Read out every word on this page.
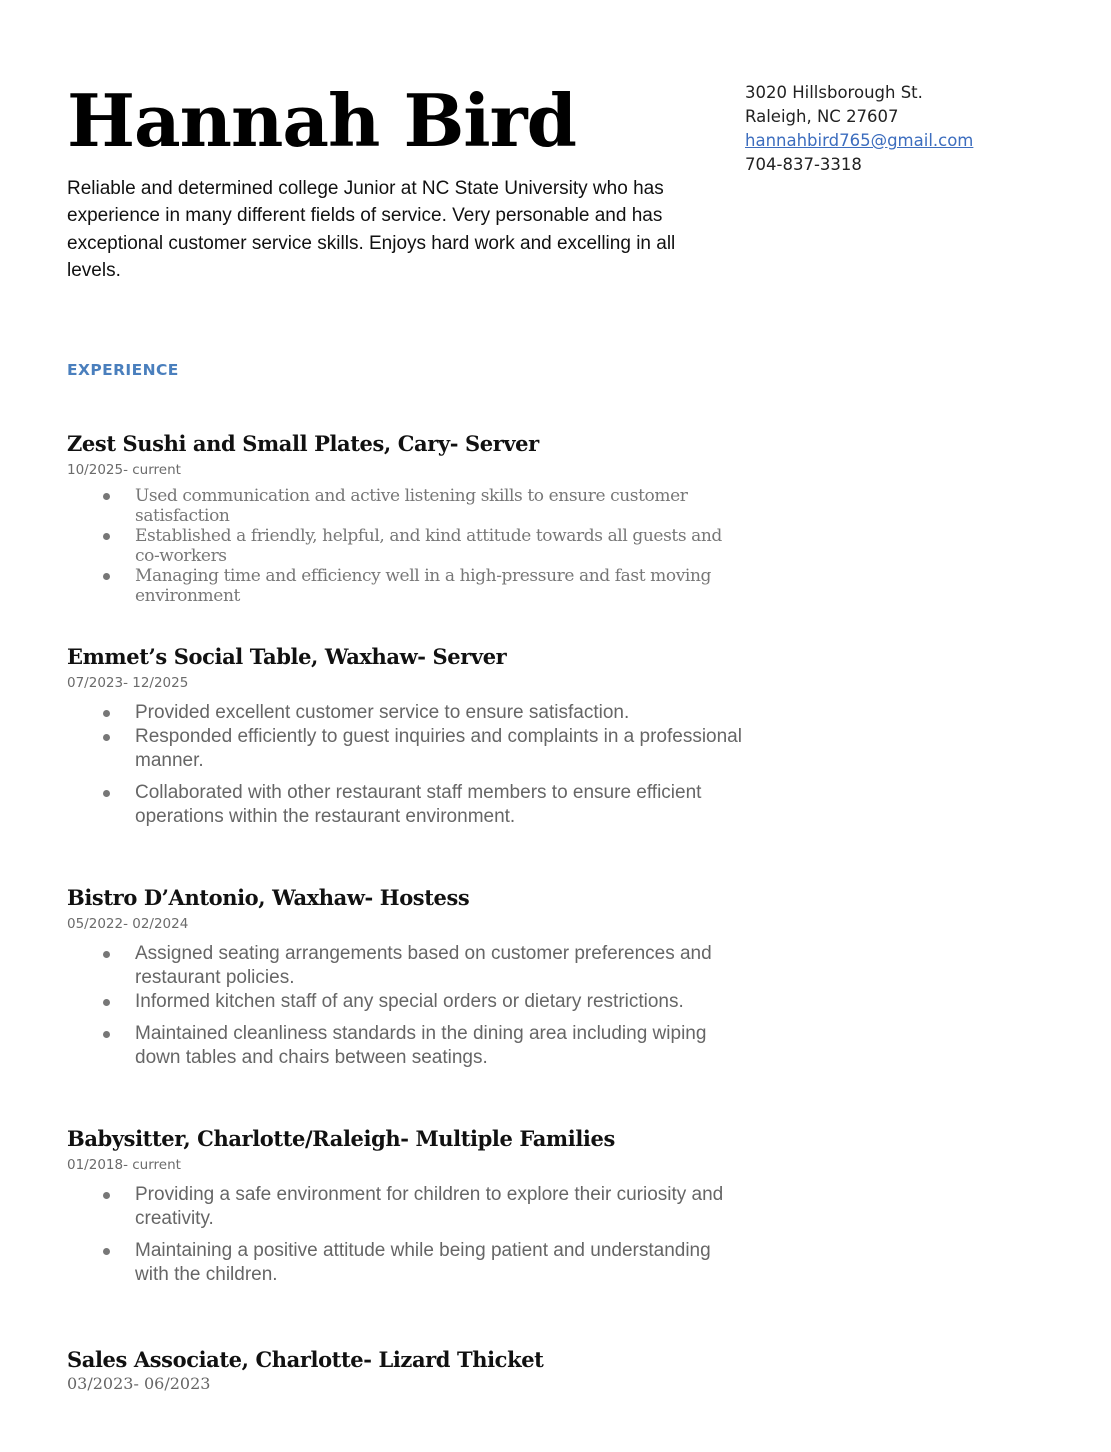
Hannah Bird	3020 Hillsborough St.
Raleigh, NC 27607
hannahbird765@gmail.com
704-837-3318

Reliable and determined college Junior at NC State University who has experience in many different fields of service. Very personable and has exceptional customer service skills. Enjoys hard work and excelling in all levels.

EXPERIENCE
Zest Sushi and Small Plates, Cary- Server
10/2025- current
Used communication and active listening skills to ensure customer satisfaction
Established a friendly, helpful, and kind attitude towards all guests and co-workers
Managing time and efficiency well in a high-pressure and fast moving environment
Emmet’s Social Table, Waxhaw- Server
07/2023- 12/2025
Provided excellent customer service to ensure satisfaction.
Responded efficiently to guest inquiries and complaints in a professional manner.
Collaborated with other restaurant staff members to ensure efficient operations within the restaurant environment.
Bistro D’Antonio, Waxhaw- Hostess
05/2022- 02/2024
Assigned seating arrangements based on customer preferences and restaurant policies.
Informed kitchen staff of any special orders or dietary restrictions.
Maintained cleanliness standards in the dining area including wiping down tables and chairs between seatings.
Babysitter, Charlotte/Raleigh- Multiple Families
01/2018- current
Providing a safe environment for children to explore their curiosity and creativity.
Maintaining a positive attitude while being patient and understanding with the children.
Sales Associate, Charlotte- Lizard Thicket
03/2023- 06/2023
